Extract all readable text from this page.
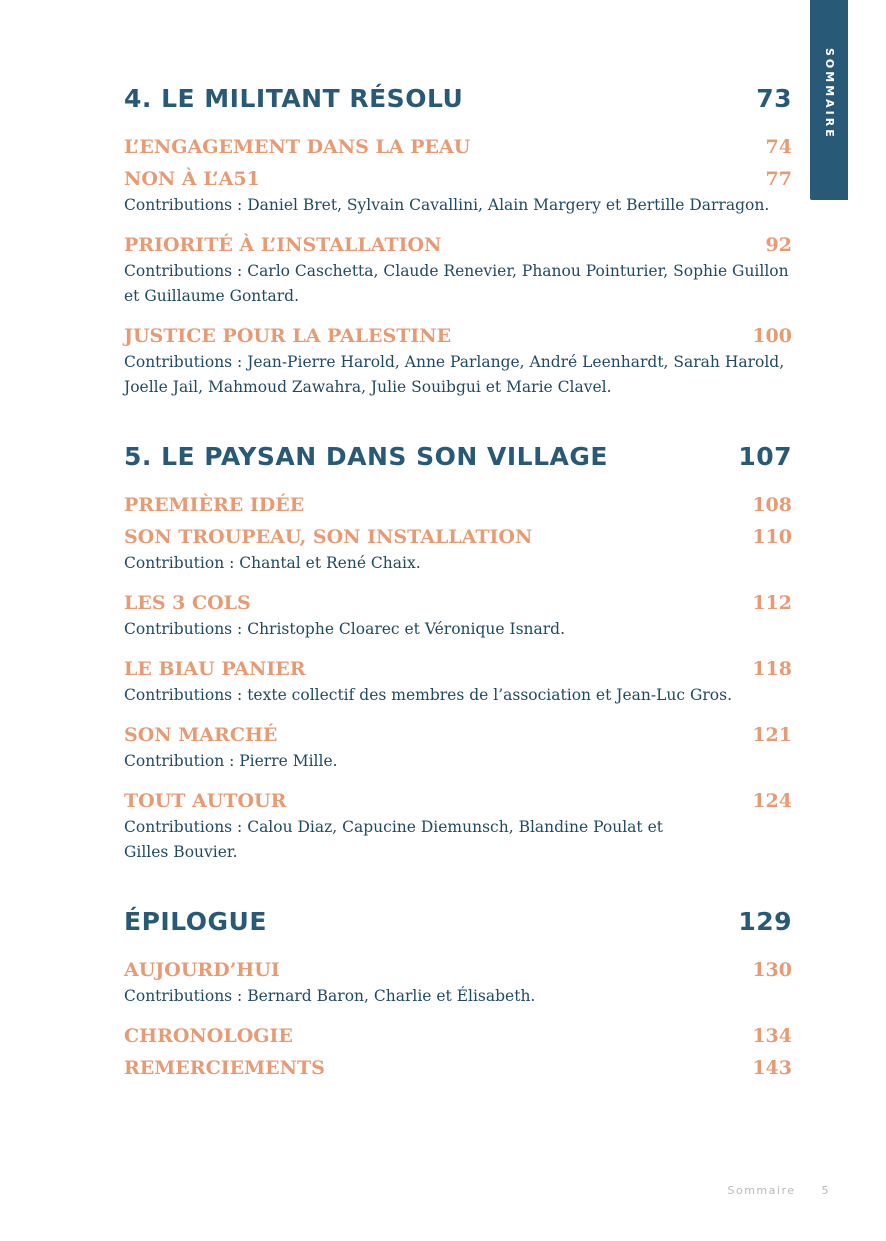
SOMMAIRE
4. LE MILITANT RÉSOLU	73
L’ENGAGEMENT DANS LA PEAU	74
NON À L’A51	77
Contributions : Daniel Bret, Sylvain Cavallini, Alain Margery et Bertille Darragon.
PRIORITÉ À L’INSTALLATION	92
Contributions : Carlo Caschetta, Claude Renevier, Phanou Pointurier, Sophie Guillon et Guillaume Gontard.
JUSTICE POUR LA PALESTINE	100
Contributions : Jean-Pierre Harold, Anne Parlange, André Leenhardt, Sarah Harold, Joelle Jail, Mahmoud Zawahra, Julie Souibgui et Marie Clavel.
5. LE PAYSAN DANS SON VILLAGE	107
PREMIÈRE IDÉE	108
SON TROUPEAU, SON INSTALLATION	110
Contribution : Chantal et René Chaix.
LES 3 COLS	112
Contributions : Christophe Cloarec et Véronique Isnard.
LE BIAU PANIER	118
Contributions : texte collectif des membres de l’association et Jean-Luc Gros.
SON MARCHÉ	121
Contribution : Pierre Mille.
TOUT AUTOUR	124
Contributions : Calou Diaz, Capucine Diemunsch, Blandine Poulat et Gilles Bouvier.
ÉPILOGUE	129
AUJOURD’HUI	130
Contributions : Bernard Baron, Charlie et Élisabeth.
CHRONOLOGIE	134
REMERCIEMENTS	143
Sommaire 5
